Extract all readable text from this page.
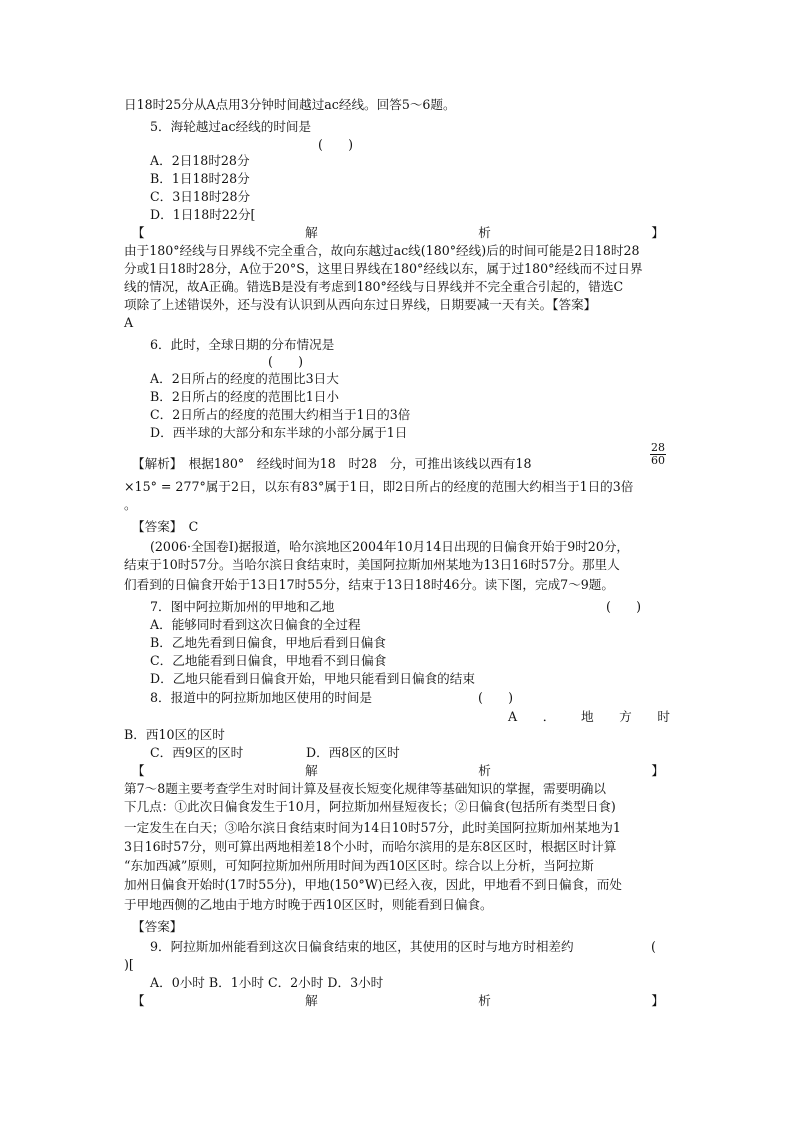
日18时25分从A点用3分钟时间越过ac经线。回答5～6题。
5．海轮越过ac经线的时间是
(　　)
A．2日18时28分
B．1日18时28分
C．3日18时28分
D．1日18时22分[
【	解	析	】
由于180°经线与日界线不完全重合，故向东越过ac线(180°经线)后的时间可能是2日18时28
分或1日18时28分，A位于20°S，这里日界线在180°经线以东，属于过180°经线而不过日界
线的情况，故A正确。错选B是没有考虑到180°经线与日界线并不完全重合引起的，错选C
项除了上述错误外，还与没有认识到从西向东过日界线，日期要减一天有关。【答案】
A
6．此时，全球日期的分布情况是
(　　)
A．2日所占的经度的范围比3日大
B．2日所占的经度的范围比1日小
C．2日所占的经度的范围大约相当于1日的3倍
D．西半球的大部分和东半球的小部分属于1日
【解析】　根据180°　经线时间为18　时28　分，可推出该线以西有18	$\frac{28}{60}$
×15° = 277°属于2日，以东有83°属于1日，即2日所占的经度的范围大约相当于1日的3倍
。
【答案】　C
(2006·全国卷Ⅰ)据报道，哈尔滨地区2004年10月14日出现的日偏食开始于9时20分，
结束于10时57分。当哈尔滨日食结束时，美国阿拉斯加州某地为13日16时57分。那里人
们看到的日偏食开始于13日17时55分，结束于13日18时46分。读下图，完成7～9题。
7．图中阿拉斯加州的甲地和乙地	(　　)
A．能够同时看到这次日偏食的全过程
B．乙地先看到日偏食，甲地后看到日偏食
C．乙地能看到日偏食，甲地看不到日偏食
D．乙地只能看到日偏食开始，甲地只能看到日偏食的结束
8．报道中的阿拉斯加地区使用的时间是	(　　)
A ． 地 方 时
B．西10区的区时
C．西9区的区时	D．西8区的区时
【	解	析	】
第7～8题主要考查学生对时间计算及昼夜长短变化规律等基础知识的掌握，需要明确以
下几点：①此次日偏食发生于10月，阿拉斯加州昼短夜长；②日偏食(包括所有类型日食)
一定发生在白天；③哈尔滨日食结束时间为14日10时57分，此时美国阿拉斯加州某地为1
3日16时57分，则可算出两地相差18个小时，而哈尔滨用的是东8区区时，根据区时计算
“东加西减”原则，可知阿拉斯加州所用时间为西10区区时。综合以上分析，当阿拉斯
加州日偏食开始时(17时55分)，甲地(150°W)已经入夜，因此，甲地看不到日偏食，而处
于甲地西侧的乙地由于地方时晚于西10区区时，则能看到日偏食。
【答案】
9．阿拉斯加州能看到这次日偏食结束的地区，其使用的区时与地方时相差约	(
)[
A．0小时 B．1小时 C．2小时 D．3小时
【	解	析	】
